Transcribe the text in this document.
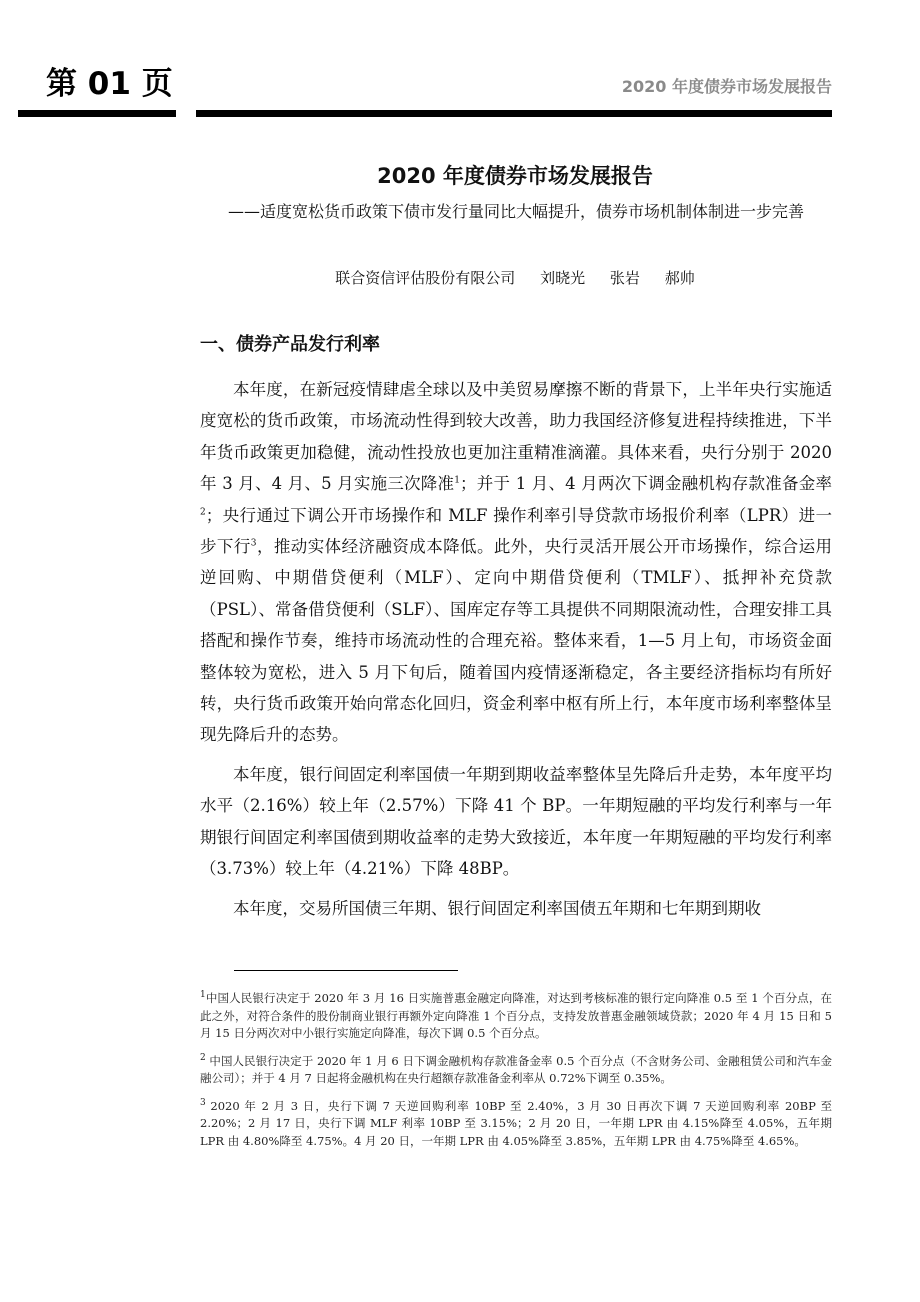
第 01 页	2020 年度债券市场发展报告
2020 年度债券市场发展报告
——适度宽松货币政策下债市发行量同比大幅提升，债券市场机制体制进一步完善
联合资信评估股份有限公司 刘晓光 张岩 郝帅
一、债券产品发行利率

本年度，在新冠疫情肆虐全球以及中美贸易摩擦不断的背景下，上半年央行实施适度宽松的货币政策，市场流动性得到较大改善，助力我国经济修复进程持续推进，下半年货币政策更加稳健，流动性投放也更加注重精准滴灌。具体来看，央行分别于 2020 年 3 月、4 月、5 月实施三次降准$^1$；并于 1 月、4 月两次下调金融机构存款准备金率$^2$；央行通过下调公开市场操作和 MLF 操作利率引导贷款市场报价利率（LPR）进一步下行$^3$，推动实体经济融资成本降低。此外，央行灵活开展公开市场操作，综合运用逆回购、中期借贷便利（MLF）、定向中期借贷便利（TMLF）、抵押补充贷款（PSL）、常备借贷便利（SLF）、国库定存等工具提供不同期限流动性，合理安排工具搭配和操作节奏，维持市场流动性的合理充裕。整体来看，1—5 月上旬，市场资金面整体较为宽松，进入 5 月下旬后，随着国内疫情逐渐稳定，各主要经济指标均有所好转，央行货币政策开始向常态化回归，资金利率中枢有所上行，本年度市场利率整体呈现先降后升的态势。

本年度，银行间固定利率国债一年期到期收益率整体呈先降后升走势，本年度平均水平（2.16%）较上年（2.57%）下降 41 个 BP。一年期短融的平均发行利率与一年期银行间固定利率国债到期收益率的走势大致接近，本年度一年期短融的平均发行利率（3.73%）较上年（4.21%）下降 48BP。

本年度，交易所国债三年期、银行间固定利率国债五年期和七年期到期收

$^1$中国人民银行决定于 2020 年 3 月 16 日实施普惠金融定向降准，对达到考核标准的银行定向降准 0.5 至 1 个百分点，在此之外，对符合条件的股份制商业银行再额外定向降准 1 个百分点，支持发放普惠金融领域贷款；2020 年 4 月 15 日和 5 月 15 日分两次对中小银行实施定向降准，每次下调 0.5 个百分点。

$^2$ 中国人民银行决定于 2020 年 1 月 6 日下调金融机构存款准备金率 0.5 个百分点（不含财务公司、金融租赁公司和汽车金融公司）；并于 4 月 7 日起将金融机构在央行超额存款准备金利率从 0.72%下调至 0.35%。

$^3$ 2020 年 2 月 3 日，央行下调 7 天逆回购利率 10BP 至 2.40%，3 月 30 日再次下调 7 天逆回购利率 20BP 至 2.20%；2 月 17 日，央行下调 MLF 利率 10BP 至 3.15%；2 月 20 日，一年期 LPR 由 4.15%降至 4.05%，五年期 LPR 由 4.80%降至 4.75%。4 月 20 日，一年期 LPR 由 4.05%降至 3.85%，五年期 LPR 由 4.75%降至 4.65%。
